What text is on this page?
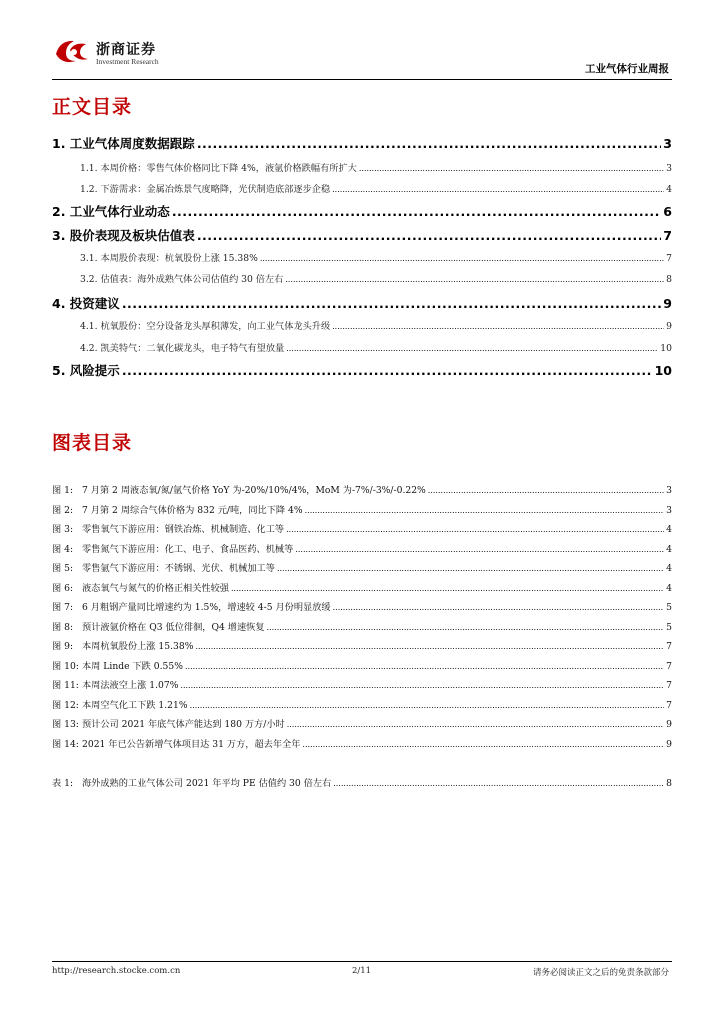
浙商证券
Investment Research
工业气体行业周报
正文目录
1. 工业气体周度数据跟踪 .....	3
1.1. 本周价格：零售气体价格同比下降 4%，液氩价格跌幅有所扩大 .....	3
1.2. 下游需求：金属冶炼景气度略降，光伏制造底部逐步企稳 .....	4
2. 工业气体行业动态 .....	6
3. 股价表现及板块估值表 .....	7
3.1. 本周股价表现：杭氧股份上涨 15.38% .....	7
3.2. 估值表：海外成熟气体公司估值约 30 倍左右 .....	8
4. 投资建议 .....	9
4.1. 杭氧股份：空分设备龙头厚积薄发，向工业气体龙头升级 .....	9
4.2. 凯美特气：二氧化碳龙头，电子特气有望放量 .....	10
5. 风险提示 .....	10
图表目录
图 1: 7 月第 2 周液态氧/氮/氩气价格 YoY 为-20%/10%/4%，MoM 为-7%/-3%/-0.22% .....	3
图 2: 7 月第 2 周综合气体价格为 832 元/吨，同比下降 4% .....	3
图 3: 零售氧气下游应用：钢铁冶炼、机械制造、化工等 .....	4
图 4: 零售氮气下游应用：化工、电子、食品医药、机械等 .....	4
图 5: 零售氩气下游应用：不锈钢、光伏、机械加工等 .....	4
图 6: 液态氧气与氮气的价格正相关性较强 .....	4
图 7: 6 月粗钢产量同比增速约为 1.5%，增速较 4-5 月份明显放缓 .....	5
图 8: 预计液氩价格在 Q3 低位徘徊，Q4 增速恢复 .....	5
图 9: 本周杭氧股份上涨 15.38% .....	7
图 10: 本周 Linde 下跌 0.55% .....	7
图 11: 本周法液空上涨 1.07% .....	7
图 12: 本周空气化工下跌 1.21% .....	7
图 13: 预计公司 2021 年底气体产能达到 180 万方/小时 .....	9
图 14: 2021 年已公告新增气体项目达 31 万方，超去年全年 .....	9
表 1: 海外成熟的工业气体公司 2021 年平均 PE 估值约 30 倍左右 .....	8
http://research.stocke.com.cn	2/11	请务必阅读正文之后的免责条款部分
